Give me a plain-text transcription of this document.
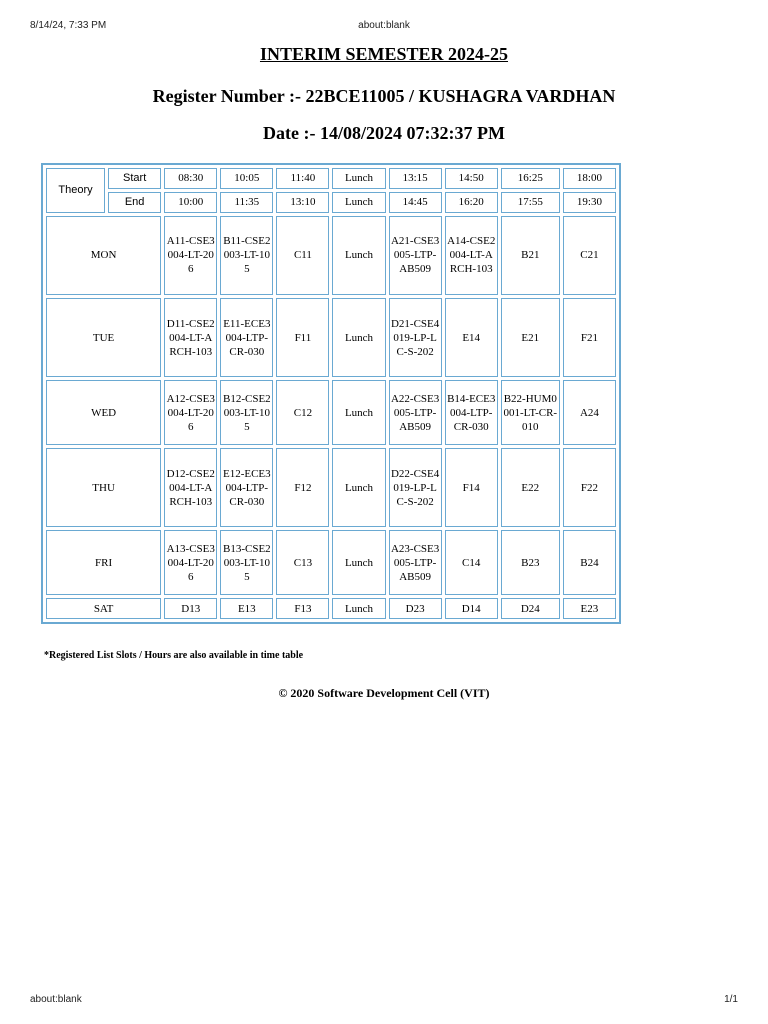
8/14/24, 7:33 PM	about:blank
INTERIM SEMESTER 2024-25
Register Number :- 22BCE11005 / KUSHAGRA VARDHAN
Date :- 14/08/2024 07:32:37 PM
Theory	Start	08:30	10:05	11:40	Lunch	13:15	14:50	16:25	18:00
	End	10:00	11:35	13:10	Lunch	14:45	16:20	17:55	19:30
MON		A11-CSE3004-LT-206	B11-CSE2003-LT-105	C11	Lunch	A21-CSE3005-LTP-AB509	A14-CSE2004-LT-ARCH-103	B21	C21
TUE		D11-CSE2004-LT-ARCH-103	E11-ECE3004-LTP-CR-030	F11	Lunch	D21-CSE4019-LP-LC-S-202	E14	E21	F21
WED		A12-CSE3004-LT-206	B12-CSE2003-LT-105	C12	Lunch	A22-CSE3005-LTP-AB509	B14-ECE3004-LTP-CR-030	B22-HUM0001-LT-CR-010	A24
THU		D12-CSE2004-LT-ARCH-103	E12-ECE3004-LTP-CR-030	F12	Lunch	D22-CSE4019-LP-LC-S-202	F14	E22	F22
FRI		A13-CSE3004-LT-206	B13-CSE2003-LT-105	C13	Lunch	A23-CSE3005-LTP-AB509	C14	B23	B24
SAT		D13	E13	F13	Lunch	D23	D14	D24	E23
*Registered List Slots / Hours are also available in time table
© 2020 Software Development Cell (VIT)
about:blank	1/1
